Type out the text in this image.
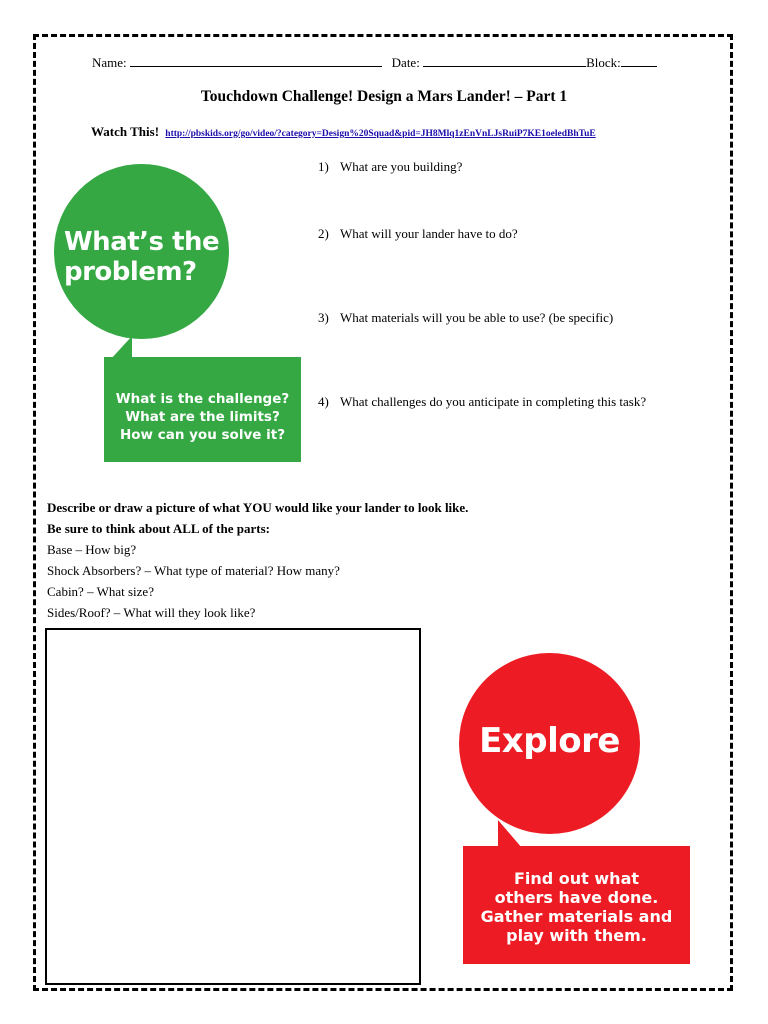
Name:	Date:	Block:
Touchdown Challenge! Design a Mars Lander! – Part 1
Watch This! http://pbskids.org/go/video/?category=Design%20Squad&pid=JH8Mlq1zEnVnLJsRuiP7KE1oeledBhTuE
1) What are you building?
2) What will your lander have to do?
3) What materials will you be able to use? (be specific)
4) What challenges do you anticipate in completing this task?
What’s the
problem?
What is the challenge?
What are the limits?
How can you solve it?
Describe or draw a picture of what YOU would like your lander to look like.
Be sure to think about ALL of the parts:
Base – How big?
Shock Absorbers? – What type of material? How many?
Cabin? – What size?
Sides/Roof? – What will they look like?
Explore
Find out what
others have done.
Gather materials and
play with them.
